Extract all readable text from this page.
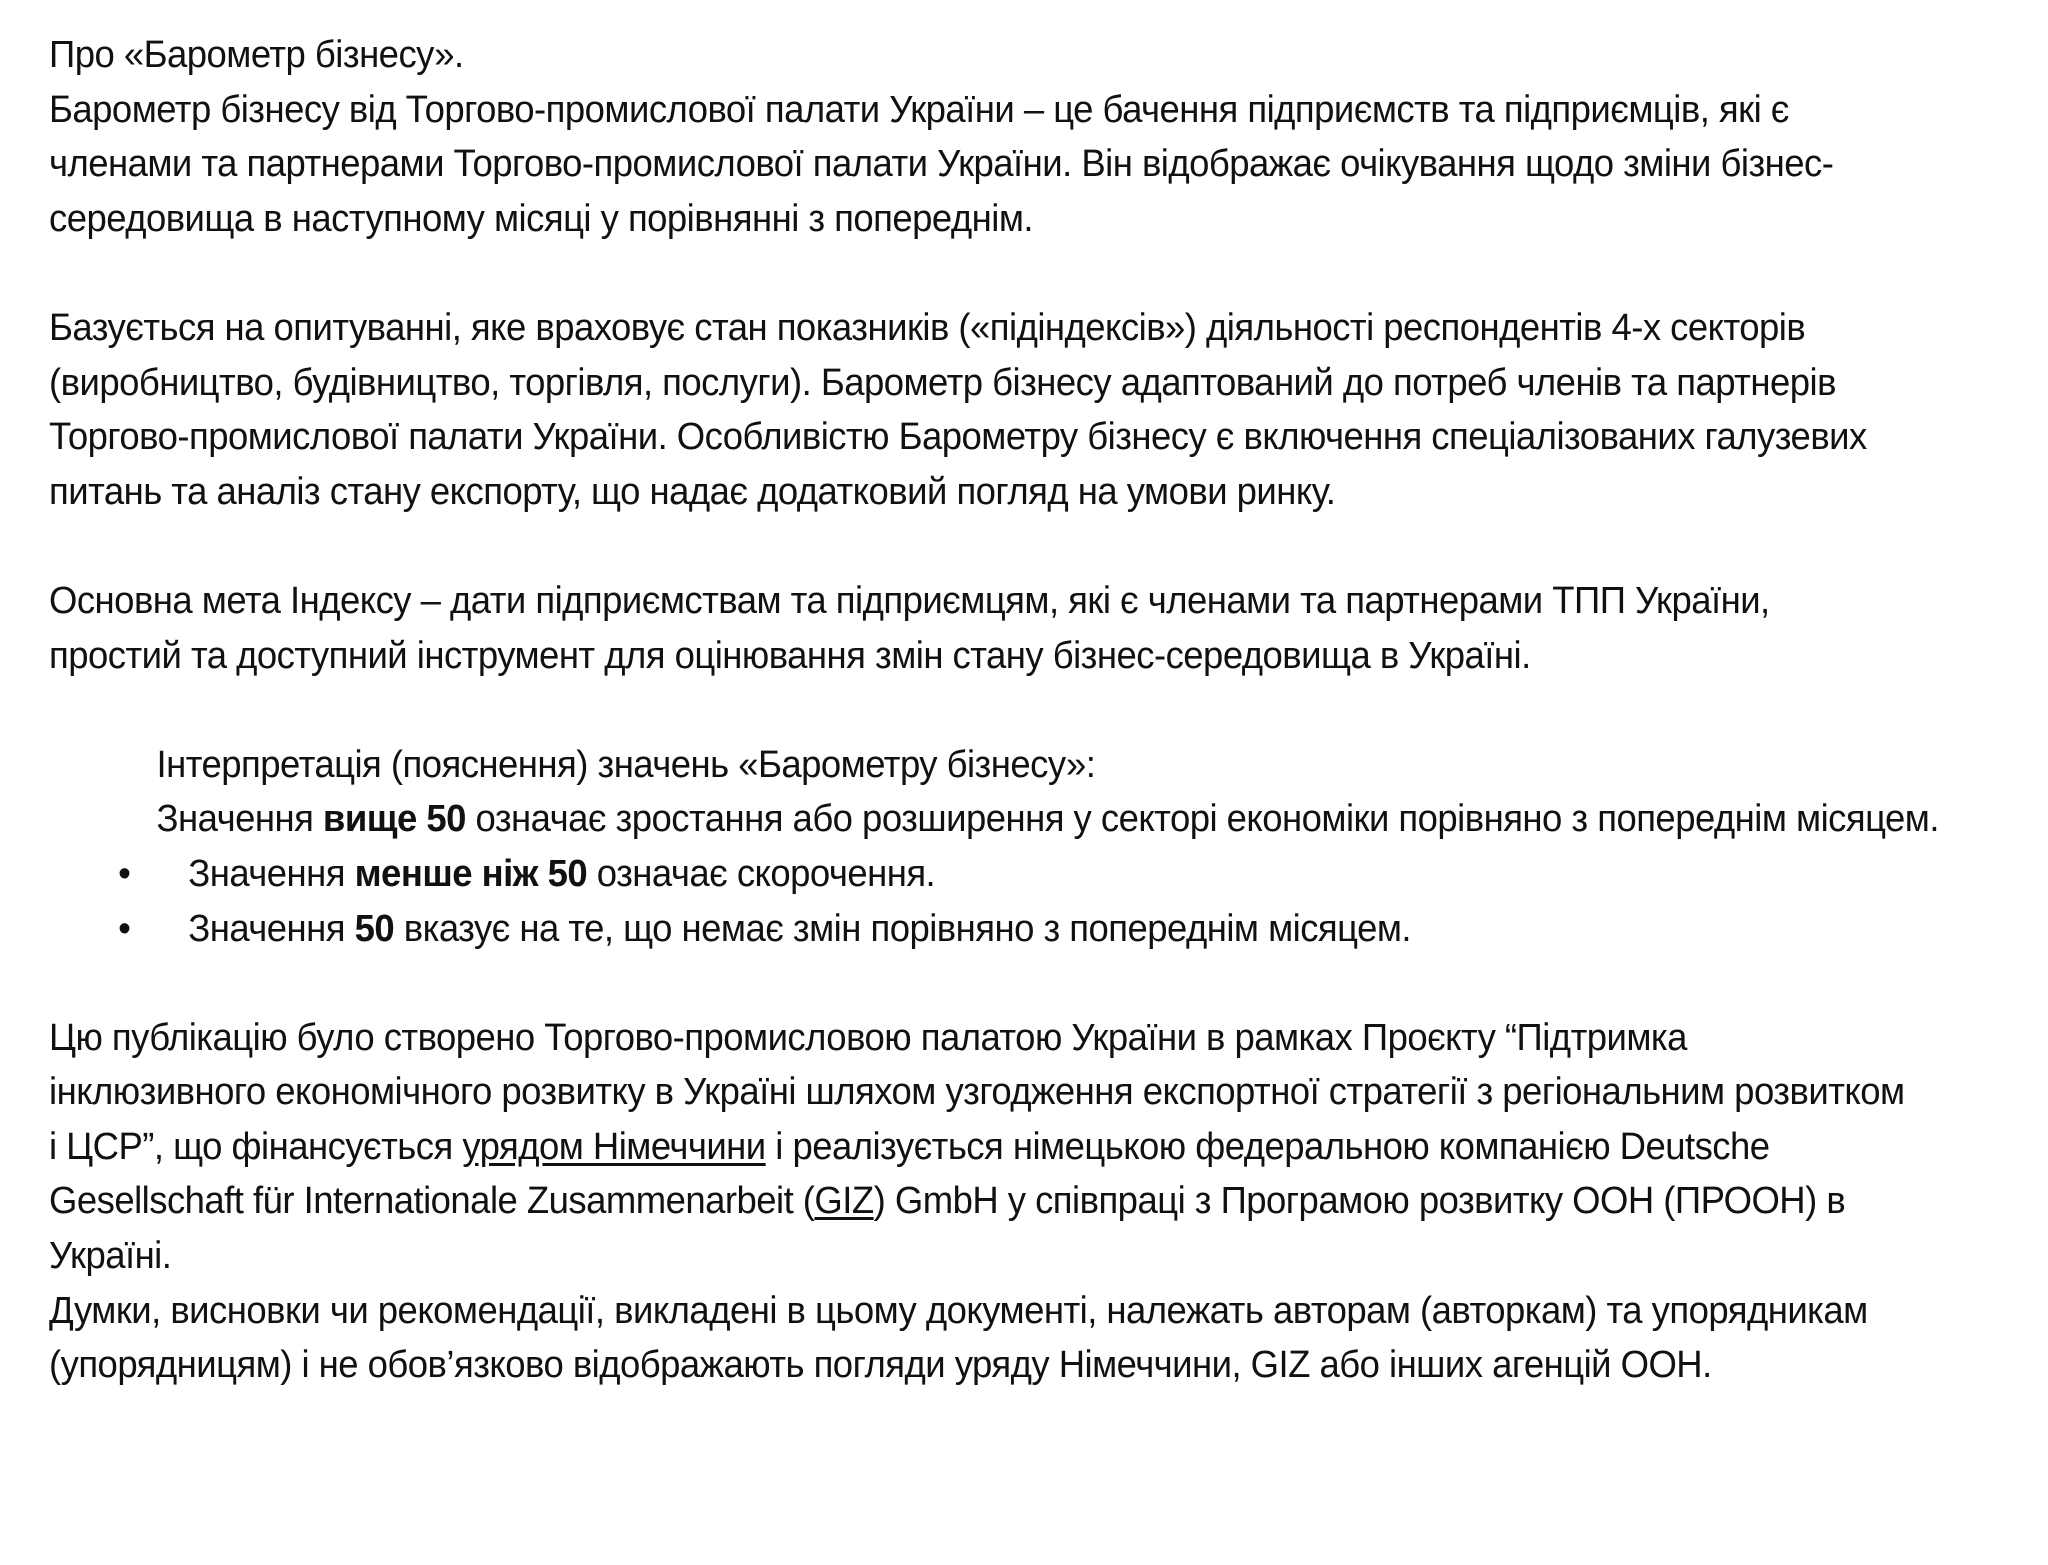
Про «Барометр бізнесу».

Барометр бізнесу від Торгово-промислової палати України – це бачення підприємств та підприємців, які є членами та партнерами Торгово-промислової палати України. Він відображає очікування щодо зміни бізнес-середовища в наступному місяці у порівнянні з попереднім.

Базується на опитуванні, яке враховує стан показників («підіндексів») діяльності респондентів 4-х секторів (виробництво, будівництво, торгівля, послуги). Барометр бізнесу адаптований до потреб членів та партнерів Торгово-промислової палати України. Особливістю Барометру бізнесу є включення спеціалізованих галузевих питань та аналіз стану експорту, що надає додатковий погляд на умови ринку.

Основна мета Індексу – дати підприємствам та підприємцям, які є членами та партнерами ТПП України, простий та доступний інструмент для оцінювання змін стану бізнес-середовища в Україні.

Інтерпретація (пояснення) значень «Барометру бізнесу»:

Значення вище 50 означає зростання або розширення у секторі економіки порівняно з попереднім місяцем.

• Значення менше ніж 50 означає скорочення.
• Значення 50 вказує на те, що немає змін порівняно з попереднім місяцем.

Цю публікацію було створено Торгово-промисловою палатою України в рамках Проєкту “Підтримка інклюзивного економічного розвитку в Україні шляхом узгодження експортної стратегії з регіональним розвитком і ЦСР”, що фінансується урядом Німеччини і реалізується німецькою федеральною компанією Deutsche Gesellschaft für Internationale Zusammenarbeit (GIZ) GmbH у співпраці з Програмою розвитку ООН (ПРООН) в Україні.

Думки, висновки чи рекомендації, викладені в цьому документі, належать авторам (авторкам) та упорядникам (упорядницям) і не обов’язково відображають погляди уряду Німеччини, GIZ або інших агенцій ООН.
